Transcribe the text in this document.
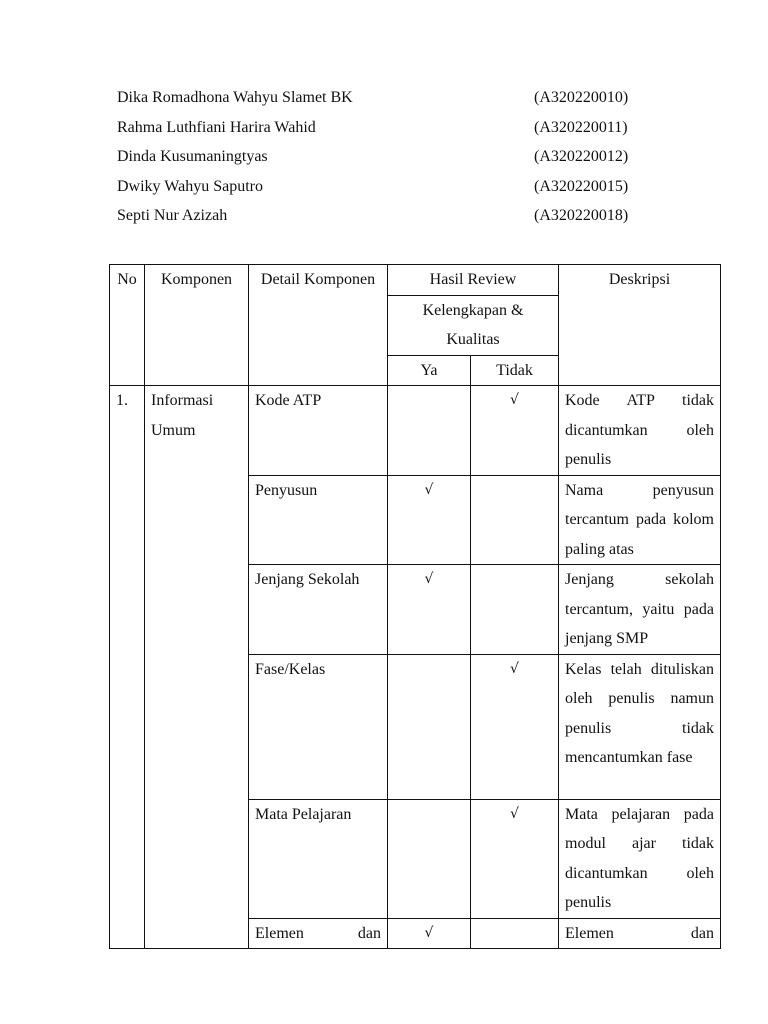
Dika Romadhona Wahyu Slamet BK	(A320220010)
Rahma Luthfiani Harira Wahid	(A320220011)
Dinda Kusumaningtyas	(A320220012)
Dwiky Wahyu Saputro	(A320220015)
Septi Nur Azizah	(A320220018)
No	Komponen	Detail Komponen	Hasil Review		Deskripsi
			Kelengkapan & Kualitas		
			Ya	Tidak	
1.	Informasi Umum	Kode ATP		√	Kode ATP tidak dicantumkan oleh penulis
		Penyusun	√		Nama penyusun tercantum pada kolom paling atas
		Jenjang Sekolah	√		Jenjang sekolah tercantum, yaitu pada jenjang SMP
		Fase/Kelas		√	Kelas telah dituliskan oleh penulis namun penulis tidak mencantumkan fase
		Mata Pelajaran		√	Mata pelajaran pada modul ajar tidak dicantumkan oleh penulis
		Elemen dan	√		Elemen dan
